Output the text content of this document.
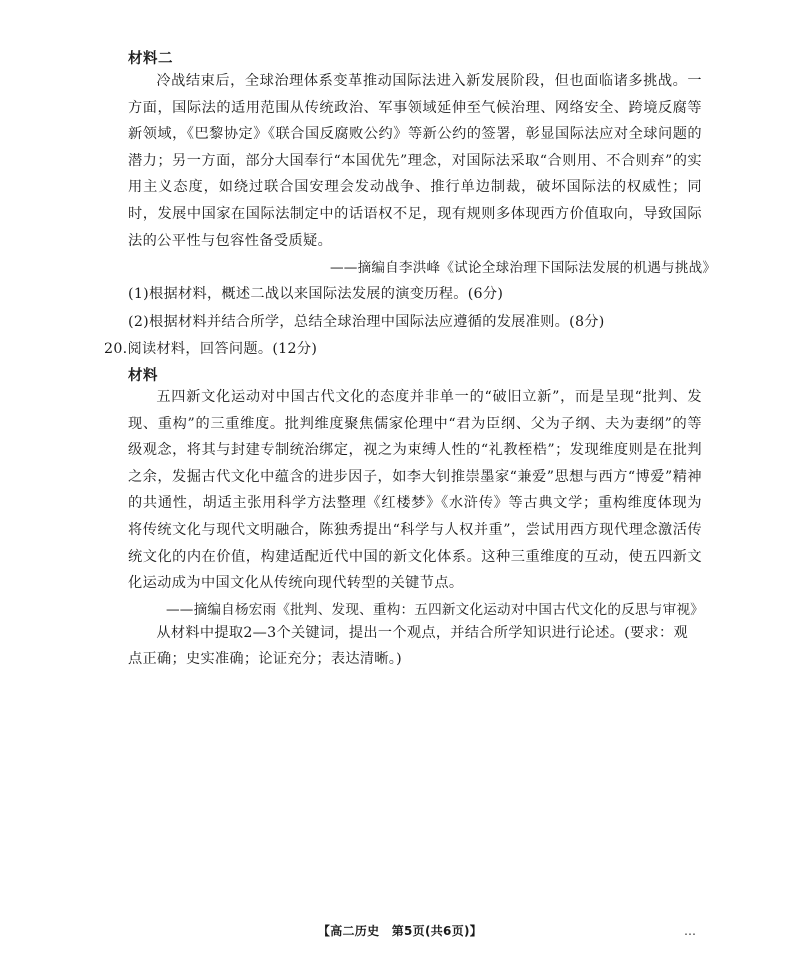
材料二
冷战结束后，全球治理体系变革推动国际法进入新发展阶段，但也面临诸多挑战。一方面，国际法的适用范围从传统政治、军事领域延伸至气候治理、网络安全、跨境反腐等新领域，《巴黎协定》《联合国反腐败公约》等新公约的签署，彰显国际法应对全球问题的潜力；另一方面，部分大国奉行“本国优先”理念，对国际法采取“合则用、不合则弃”的实用主义态度，如绕过联合国安理会发动战争、推行单边制裁，破坏国际法的权威性；同时，发展中国家在国际法制定中的话语权不足，现有规则多体现西方价值取向，导致国际法的公平性与包容性备受质疑。
——摘编自李洪峰《试论全球治理下国际法发展的机遇与挑战》
(1)根据材料，概述二战以来国际法发展的演变历程。(6分)
(2)根据材料并结合所学，总结全球治理中国际法应遵循的发展准则。(8分)
20.阅读材料，回答问题。(12分)
材料
五四新文化运动对中国古代文化的态度并非单一的“破旧立新”，而是呈现“批判、发现、重构”的三重维度。批判维度聚焦儒家伦理中“君为臣纲、父为子纲、夫为妻纲”的等级观念，将其与封建专制统治绑定，视之为束缚人性的“礼教桎梏”；发现维度则是在批判之余，发掘古代文化中蕴含的进步因子，如李大钊推崇墨家“兼爱”思想与西方“博爱”精神的共通性，胡适主张用科学方法整理《红楼梦》《水浒传》等古典文学；重构维度体现为将传统文化与现代文明融合，陈独秀提出“科学与人权并重”，尝试用西方现代理念激活传统文化的内在价值，构建适配近代中国的新文化体系。这种三重维度的互动，使五四新文化运动成为中国文化从传统向现代转型的关键节点。
——摘编自杨宏雨《批判、发现、重构：五四新文化运动对中国古代文化的反思与审视》
从材料中提取2—3个关键词，提出一个观点，并结合所学知识进行论述。(要求：观点正确；史实准确；论证充分；表达清晰。)
【高二历史　第5页(共6页)】	…
